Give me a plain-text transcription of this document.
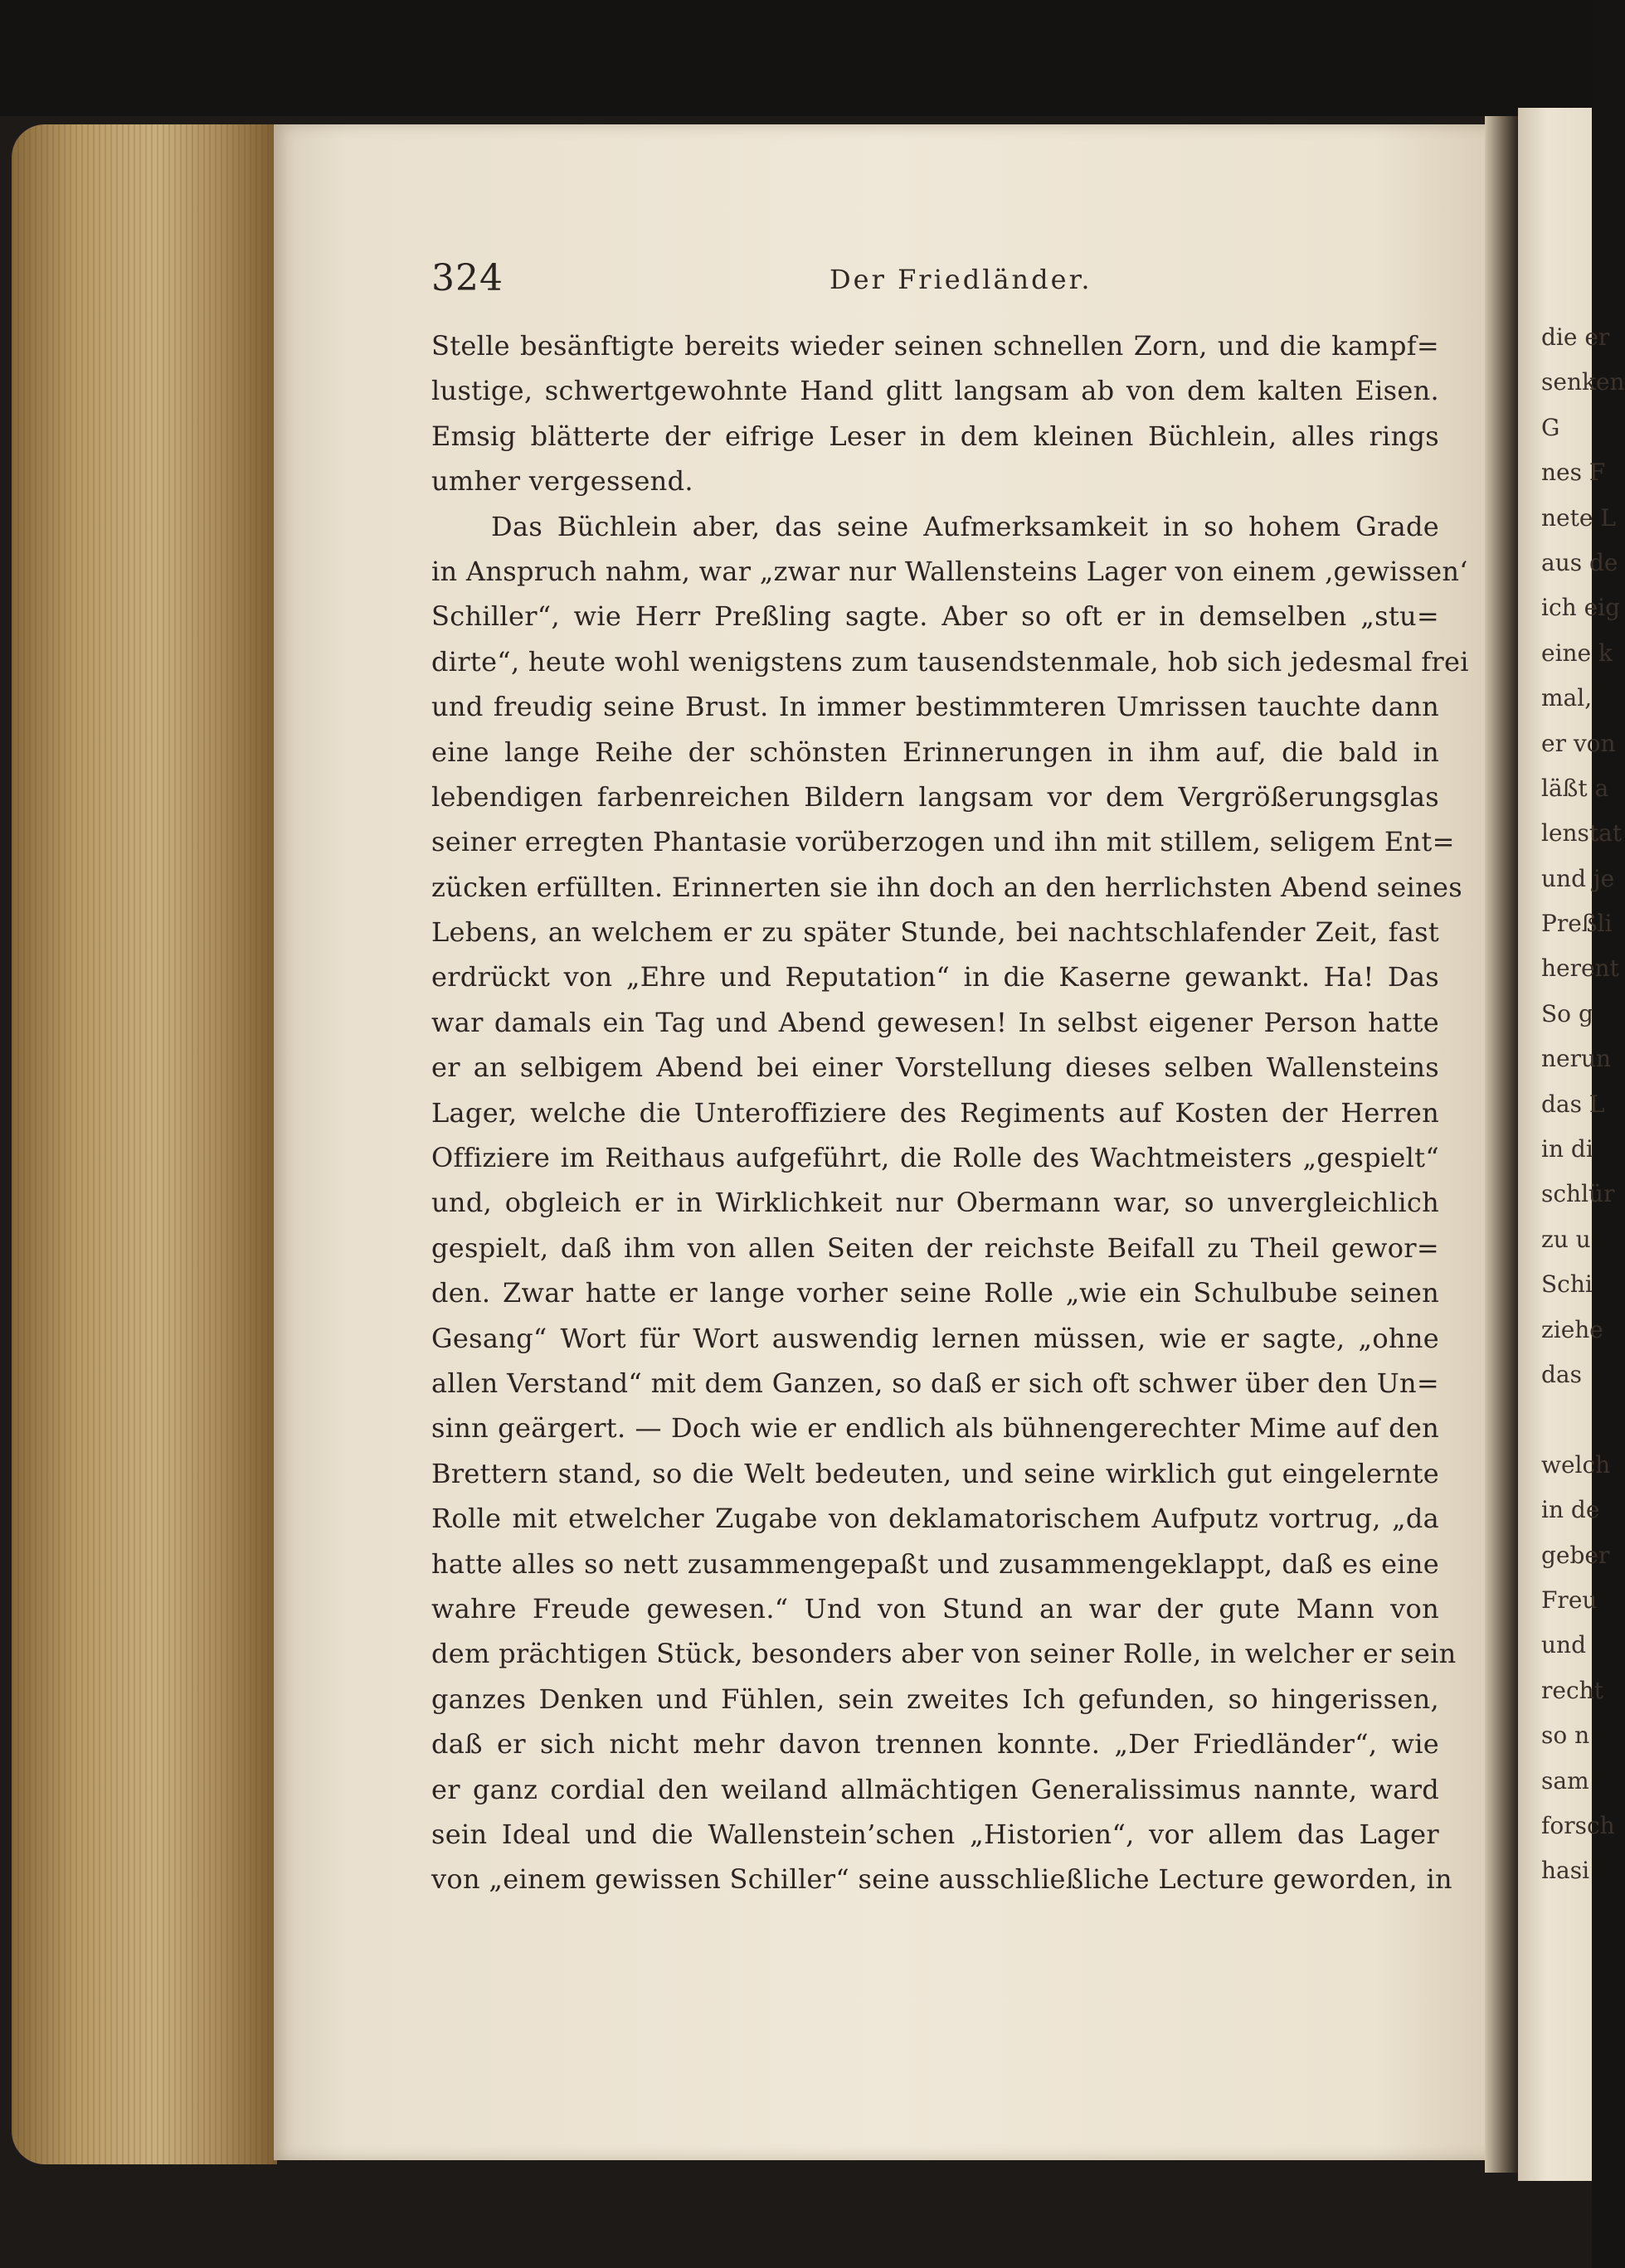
324	Der Friedländer.
Stelle besänftigte bereits wieder seinen schnellen Zorn, und die kampf=
lustige, schwertgewohnte Hand glitt langsam ab von dem kalten Eisen.
Emsig blätterte der eifrige Leser in dem kleinen Büchlein, alles rings
umher vergessend.
Das Büchlein aber, das seine Aufmerksamkeit in so hohem Grade
in Anspruch nahm, war „zwar nur Wallensteins Lager von einem ‚gewissen‘
Schiller“, wie Herr Preßling sagte. Aber so oft er in demselben „stu=
dirte“, heute wohl wenigstens zum tausendstenmale, hob sich jedesmal frei
und freudig seine Brust. In immer bestimmteren Umrissen tauchte dann
eine lange Reihe der schönsten Erinnerungen in ihm auf, die bald in
lebendigen farbenreichen Bildern langsam vor dem Vergrößerungsglas
seiner erregten Phantasie vorüberzogen und ihn mit stillem, seligem Ent=
zücken erfüllten. Erinnerten sie ihn doch an den herrlichsten Abend seines
Lebens, an welchem er zu später Stunde, bei nachtschlafender Zeit, fast
erdrückt von „Ehre und Reputation“ in die Kaserne gewankt. Ha! Das
war damals ein Tag und Abend gewesen! In selbst eigener Person hatte
er an selbigem Abend bei einer Vorstellung dieses selben Wallensteins
Lager, welche die Unteroffiziere des Regiments auf Kosten der Herren
Offiziere im Reithaus aufgeführt, die Rolle des Wachtmeisters „gespielt“
und, obgleich er in Wirklichkeit nur Obermann war, so unvergleichlich
gespielt, daß ihm von allen Seiten der reichste Beifall zu Theil gewor=
den. Zwar hatte er lange vorher seine Rolle „wie ein Schulbube seinen
Gesang“ Wort für Wort auswendig lernen müssen, wie er sagte, „ohne
allen Verstand“ mit dem Ganzen, so daß er sich oft schwer über den Un=
sinn geärgert. — Doch wie er endlich als bühnengerechter Mime auf den
Brettern stand, so die Welt bedeuten, und seine wirklich gut eingelernte
Rolle mit etwelcher Zugabe von deklamatorischem Aufputz vortrug, „da
hatte alles so nett zusammengepaßt und zusammengeklappt, daß es eine
wahre Freude gewesen.“ Und von Stund an war der gute Mann von
dem prächtigen Stück, besonders aber von seiner Rolle, in welcher er sein
ganzes Denken und Fühlen, sein zweites Ich gefunden, so hingerissen,
daß er sich nicht mehr davon trennen konnte. „Der Friedländer“, wie
er ganz cordial den weiland allmächtigen Generalissimus nannte, ward
sein Ideal und die Wallenstein’schen „Historien“, vor allem das Lager
von „einem gewissen Schiller“ seine ausschließliche Lecture geworden, in
die er
senken
G
nes F
nete L
aus de
ich eig
eine k
mal,
er von
läßt a
lenstat
und je
Preßli
herent
So g
nerun
das L
in di
schlür
zu u
Schi
ziehe
das
welch
in de
geber
Freu
und
recht
so n
sam
forsch
hasi
